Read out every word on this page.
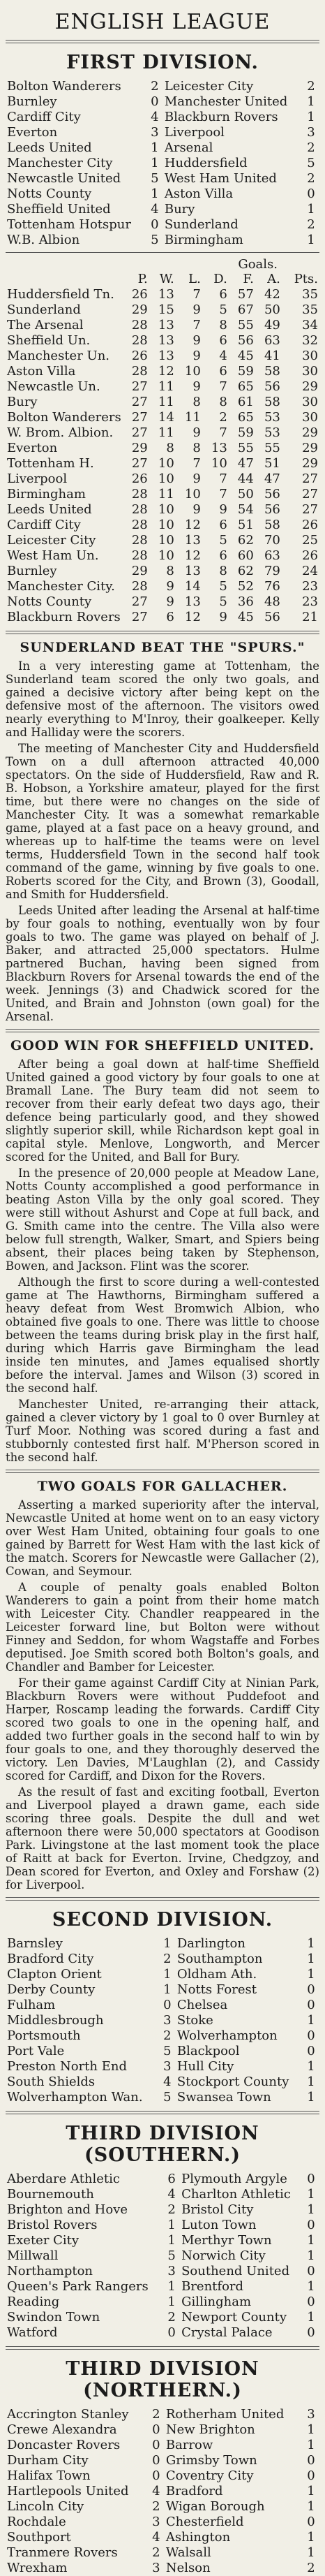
ENGLISH LEAGUE
FIRST DIVISION.
Bolton Wanderers	2	Leicester City	2
Burnley	0	Manchester United	1
Cardiff City	4	Blackburn Rovers	1
Everton	3	Liverpool	3
Leeds United	1	Arsenal	2
Manchester City	1	Huddersfield	5
Newcastle United	5	West Ham United	2
Notts County	1	Aston Villa	0
Sheffield United	4	Bury	1
Tottenham Hotspur	0	Sunderland	2
W.B. Albion	5	Birmingham	1
Goals.
	P.	W.	L.	D.	F.	A.	Pts.
Huddersfield Tn.	26	13	7	6	57	42	35
Sunderland	29	15	9	5	67	50	35
The Arsenal	28	13	7	8	55	49	34
Sheffield Un.	28	13	9	6	56	63	32
Manchester Un.	26	13	9	4	45	41	30
Aston Villa	28	12	10	6	59	58	30
Newcastle Un.	27	11	9	7	65	56	29
Bury	27	11	8	8	61	58	30
Bolton Wanderers	27	14	11	2	65	53	30
W. Brom. Albion.	27	11	9	7	59	53	29
Everton	29	8	8	13	55	55	29
Tottenham H.	27	10	7	10	47	51	29
Liverpool	26	10	9	7	44	47	27
Birmingham	28	11	10	7	50	56	27
Leeds United	28	10	9	9	54	56	27
Cardiff City	28	10	12	6	51	58	26
Leicester City	28	10	13	5	62	70	25
West Ham Un.	28	10	12	6	60	63	26
Burnley	29	8	13	8	62	79	24
Manchester City.	28	9	14	5	52	76	23
Notts County	27	9	13	5	36	48	23
Blackburn Rovers	27	6	12	9	45	56	21
SUNDERLAND BEAT THE "SPURS."

In a very interesting game at Tottenham, the Sunderland team scored the only two goals, and gained a decisive victory after being kept on the defensive most of the afternoon. The visitors owed nearly everything to M'Inroy, their goalkeeper. Kelly and Halliday were the scorers.

The meeting of Manchester City and Huddersfield Town on a dull afternoon attracted 40,000 spectators. On the side of Huddersfield, Raw and R. B. Hobson, a Yorkshire amateur, played for the first time, but there were no changes on the side of Manchester City. It was a somewhat remarkable game, played at a fast pace on a heavy ground, and whereas up to half-time the teams were on level terms, Huddersfield Town in the second half took command of the game, winning by five goals to one. Roberts scored for the City, and Brown (3), Goodall, and Smith for Huddersfield.

Leeds United after leading the Arsenal at half-time by four goals to nothing, eventually won by four goals to two. The game was played on behalf of J. Baker, and attracted 25,000 spectators. Hulme partnered Buchan, having been signed from Blackburn Rovers for Arsenal towards the end of the week. Jennings (3) and Chadwick scored for the United, and Brain and Johnston (own goal) for the Arsenal.

GOOD WIN FOR SHEFFIELD UNITED.

After being a goal down at half-time Sheffield United gained a good victory by four goals to one at Bramall Lane. The Bury team did not seem to recover from their early defeat two days ago, their defence being particularly good, and they showed slightly superior skill, while Richardson kept goal in capital style. Menlove, Longworth, and Mercer scored for the United, and Ball for Bury.

In the presence of 20,000 people at Meadow Lane, Notts County accomplished a good performance in beating Aston Villa by the only goal scored. They were still without Ashurst and Cope at full back, and G. Smith came into the centre. The Villa also were below full strength, Walker, Smart, and Spiers being absent, their places being taken by Stephenson, Bowen, and Jackson. Flint was the scorer.

Although the first to score during a well-contested game at The Hawthorns, Birmingham suffered a heavy defeat from West Bromwich Albion, who obtained five goals to one. There was little to choose between the teams during brisk play in the first half, during which Harris gave Birmingham the lead inside ten minutes, and James equalised shortly before the interval. James and Wilson (3) scored in the second half.

Manchester United, re-arranging their attack, gained a clever victory by 1 goal to 0 over Burnley at Turf Moor. Nothing was scored during a fast and stubbornly contested first half. M'Pherson scored in the second half.

TWO GOALS FOR GALLACHER.

Asserting a marked superiority after the interval, Newcastle United at home went on to an easy victory over West Ham United, obtaining four goals to one gained by Barrett for West Ham with the last kick of the match. Scorers for Newcastle were Gallacher (2), Cowan, and Seymour.

A couple of penalty goals enabled Bolton Wanderers to gain a point from their home match with Leicester City. Chandler reappeared in the Leicester forward line, but Bolton were without Finney and Seddon, for whom Wagstaffe and Forbes deputised. Joe Smith scored both Bolton's goals, and Chandler and Bamber for Leicester.

For their game against Cardiff City at Ninian Park, Blackburn Rovers were without Puddefoot and Harper, Roscamp leading the forwards. Cardiff City scored two goals to one in the opening half, and added two further goals in the second half to win by four goals to one, and they thoroughly deserved the victory. Len Davies, M'Laughlan (2), and Cassidy scored for Cardiff, and Dixon for the Rovers.

As the result of fast and exciting football, Everton and Liverpool played a drawn game, each side scoring three goals. Despite the dull and wet afternoon there were 50,000 spectators at Goodison Park. Livingstone at the last moment took the place of Raitt at back for Everton. Irvine, Chedgzoy, and Dean scored for Everton, and Oxley and Forshaw (2) for Liverpool.

SECOND DIVISION.
Barnsley	1	Darlington	1
Bradford City	2	Southampton	1
Clapton Orient	1	Oldham Ath.	1
Derby County	1	Notts Forest	0
Fulham	0	Chelsea	0
Middlesbrough	3	Stoke	1
Portsmouth	2	Wolverhampton	0
Port Vale	5	Blackpool	0
Preston North End	3	Hull City	1
South Shields	4	Stockport County	1
Wolverhampton Wan.	5	Swansea Town	1
THIRD DIVISION (SOUTHERN.)
Aberdare Athletic	6	Plymouth Argyle	0
Bournemouth	4	Charlton Athletic	1
Brighton and Hove	2	Bristol City	1
Bristol Rovers	1	Luton Town	0
Exeter City	1	Merthyr Town	1
Millwall	5	Norwich City	1
Northampton	3	Southend United	0
Queen's Park Rangers	1	Brentford	1
Reading	1	Gillingham	0
Swindon Town	2	Newport County	1
Watford	0	Crystal Palace	0
THIRD DIVISION (NORTHERN.)
Accrington Stanley	2	Rotherham United	3
Crewe Alexandra	0	New Brighton	1
Doncaster Rovers	0	Barrow	1
Durham City	0	Grimsby Town	0
Halifax Town	0	Coventry City	0
Hartlepools United	4	Bradford	1
Lincoln City	2	Wigan Borough	1
Rochdale	3	Chesterfield	0
Southport	4	Ashington	1
Tranmere Rovers	2	Walsall	1
Wrexham	3	Nelson	2
